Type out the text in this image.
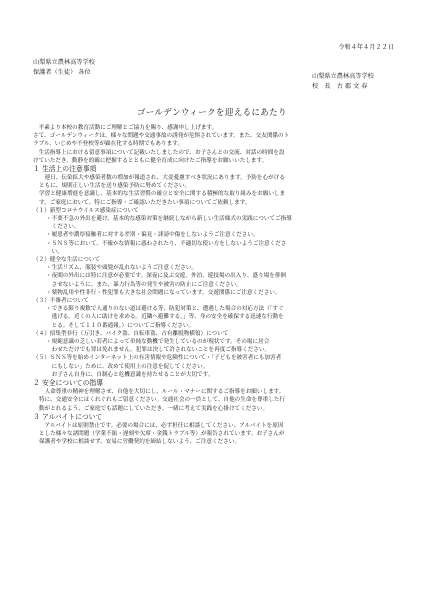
令和４年４月２２日
山梨県立農林高等学校
保護者（生徒） 各位
山梨県立農林高等学校
校　長　古 郡 文 春
ゴールデンウィークを迎えるにあたり

　平素より本校の教育活動にご理解とご協力を賜り、感謝申し上げます。

さて、ゴールデンウィークは、様々な問題や交通事故の誘発が危惧されています。また、交友関係のト

ラブル、いじめや不登校等が顕在化する時期でもあります。

　生活指導上における留意事項について記載いたしましたので、お子さんとの交流、対話の時間を設

けていただき、動静を的確に把握するとともに健全育成に向けたご指導をお願いいたします。

１ 生活上の注意事項

　連日、伝染拡大や感染者数の増加が報道され、大変憂慮すべき状況にあります。予防を心がける

ともに、規則正しい生活を送り感染予防に努めてください。

学習と健康増進を意識し、基本的な生活習慣の確立と安全に関する積極的な取り組みをお願いしま

す。ご家庭において、特にご指導・ご確認いただきたい事項についてご依頼します。

（１）新型コロナウイルス感染症について

・不要不急の外出を避け、基本的な感染対策を継続しながら新しい生活様式の実践についてご指導

　ください。

・履患者や濃厚接触者に対する差別・偏見・誹謗中傷をしないようご注意ください。

・ＳＮＳ等において、不確かな情報に惑わされたり、不適切な使い方をしないようご注意くださ

　い。

（２）健全な生活について

・生活リズム、服装や頭髪が乱れないようご注意ください。

・夜間の外出には特に注意が必要です。深夜に及ぶ交遊、外泊、遊技場の出入り、盛り場を徘徊

　させないように、また、暴力行為等の発生や被害の防止にご注意ください。

・薬物乱用や性非行・性犯罪も大きな社会問題になっています。交遊関係にご注意ください。

（３）不審者について

・できる限り複数で人通りのない道は避ける等、防犯対策と、遭遇した場合の対応方法（「すぐ

　逃げる。近くの人に助けを求める。近隣へ避難する。」等、身の安全を確保する迅速な行動を

　とる。そして１１０番通報。）についてご指導ください。

（４）招集型非行（万引き、バイク盗、自転車盗、占有離脱物横領）について

・規範意識の乏しい若者によって単純な動機で発生しているのが現状です。その場に居合

　わせただけでも罪は免れません。犯罪は決して許されないことを再度ご指導ください。

（５）ＳＮＳ等を始めインターネット上の有害情報や危険性について・「子どもを被害者にも加害者

　にもしない」ために、改めて使用上の注意を促してください。

　お子さん自身に、自制心と危機意識を持たせることが大切です。

２ 安全についての指導

　人命尊重の精神を理解させ、自他を大切にし、ルール・マナーに関するご指導をお願いします。

特に、交通安全にはくれぐれもご留意ください。交通社会の一員として、自他の生命を尊重した行

動がとれるよう、ご家庭でも話題にしていただき、一緒に考えて実践を心掛けてください。

３ アルバイトについて

　アルバイトは原則禁止です。必要の場合には、必ず担任に相談してください。アルバイトを原因

とした様々な諸問題（学業不振・遅刻や欠席・金銭トラブル等）が報告されています。お子さんが

保護者や学校に相談せず、安易に労働契約を締結しないよう、ご注意ください。
